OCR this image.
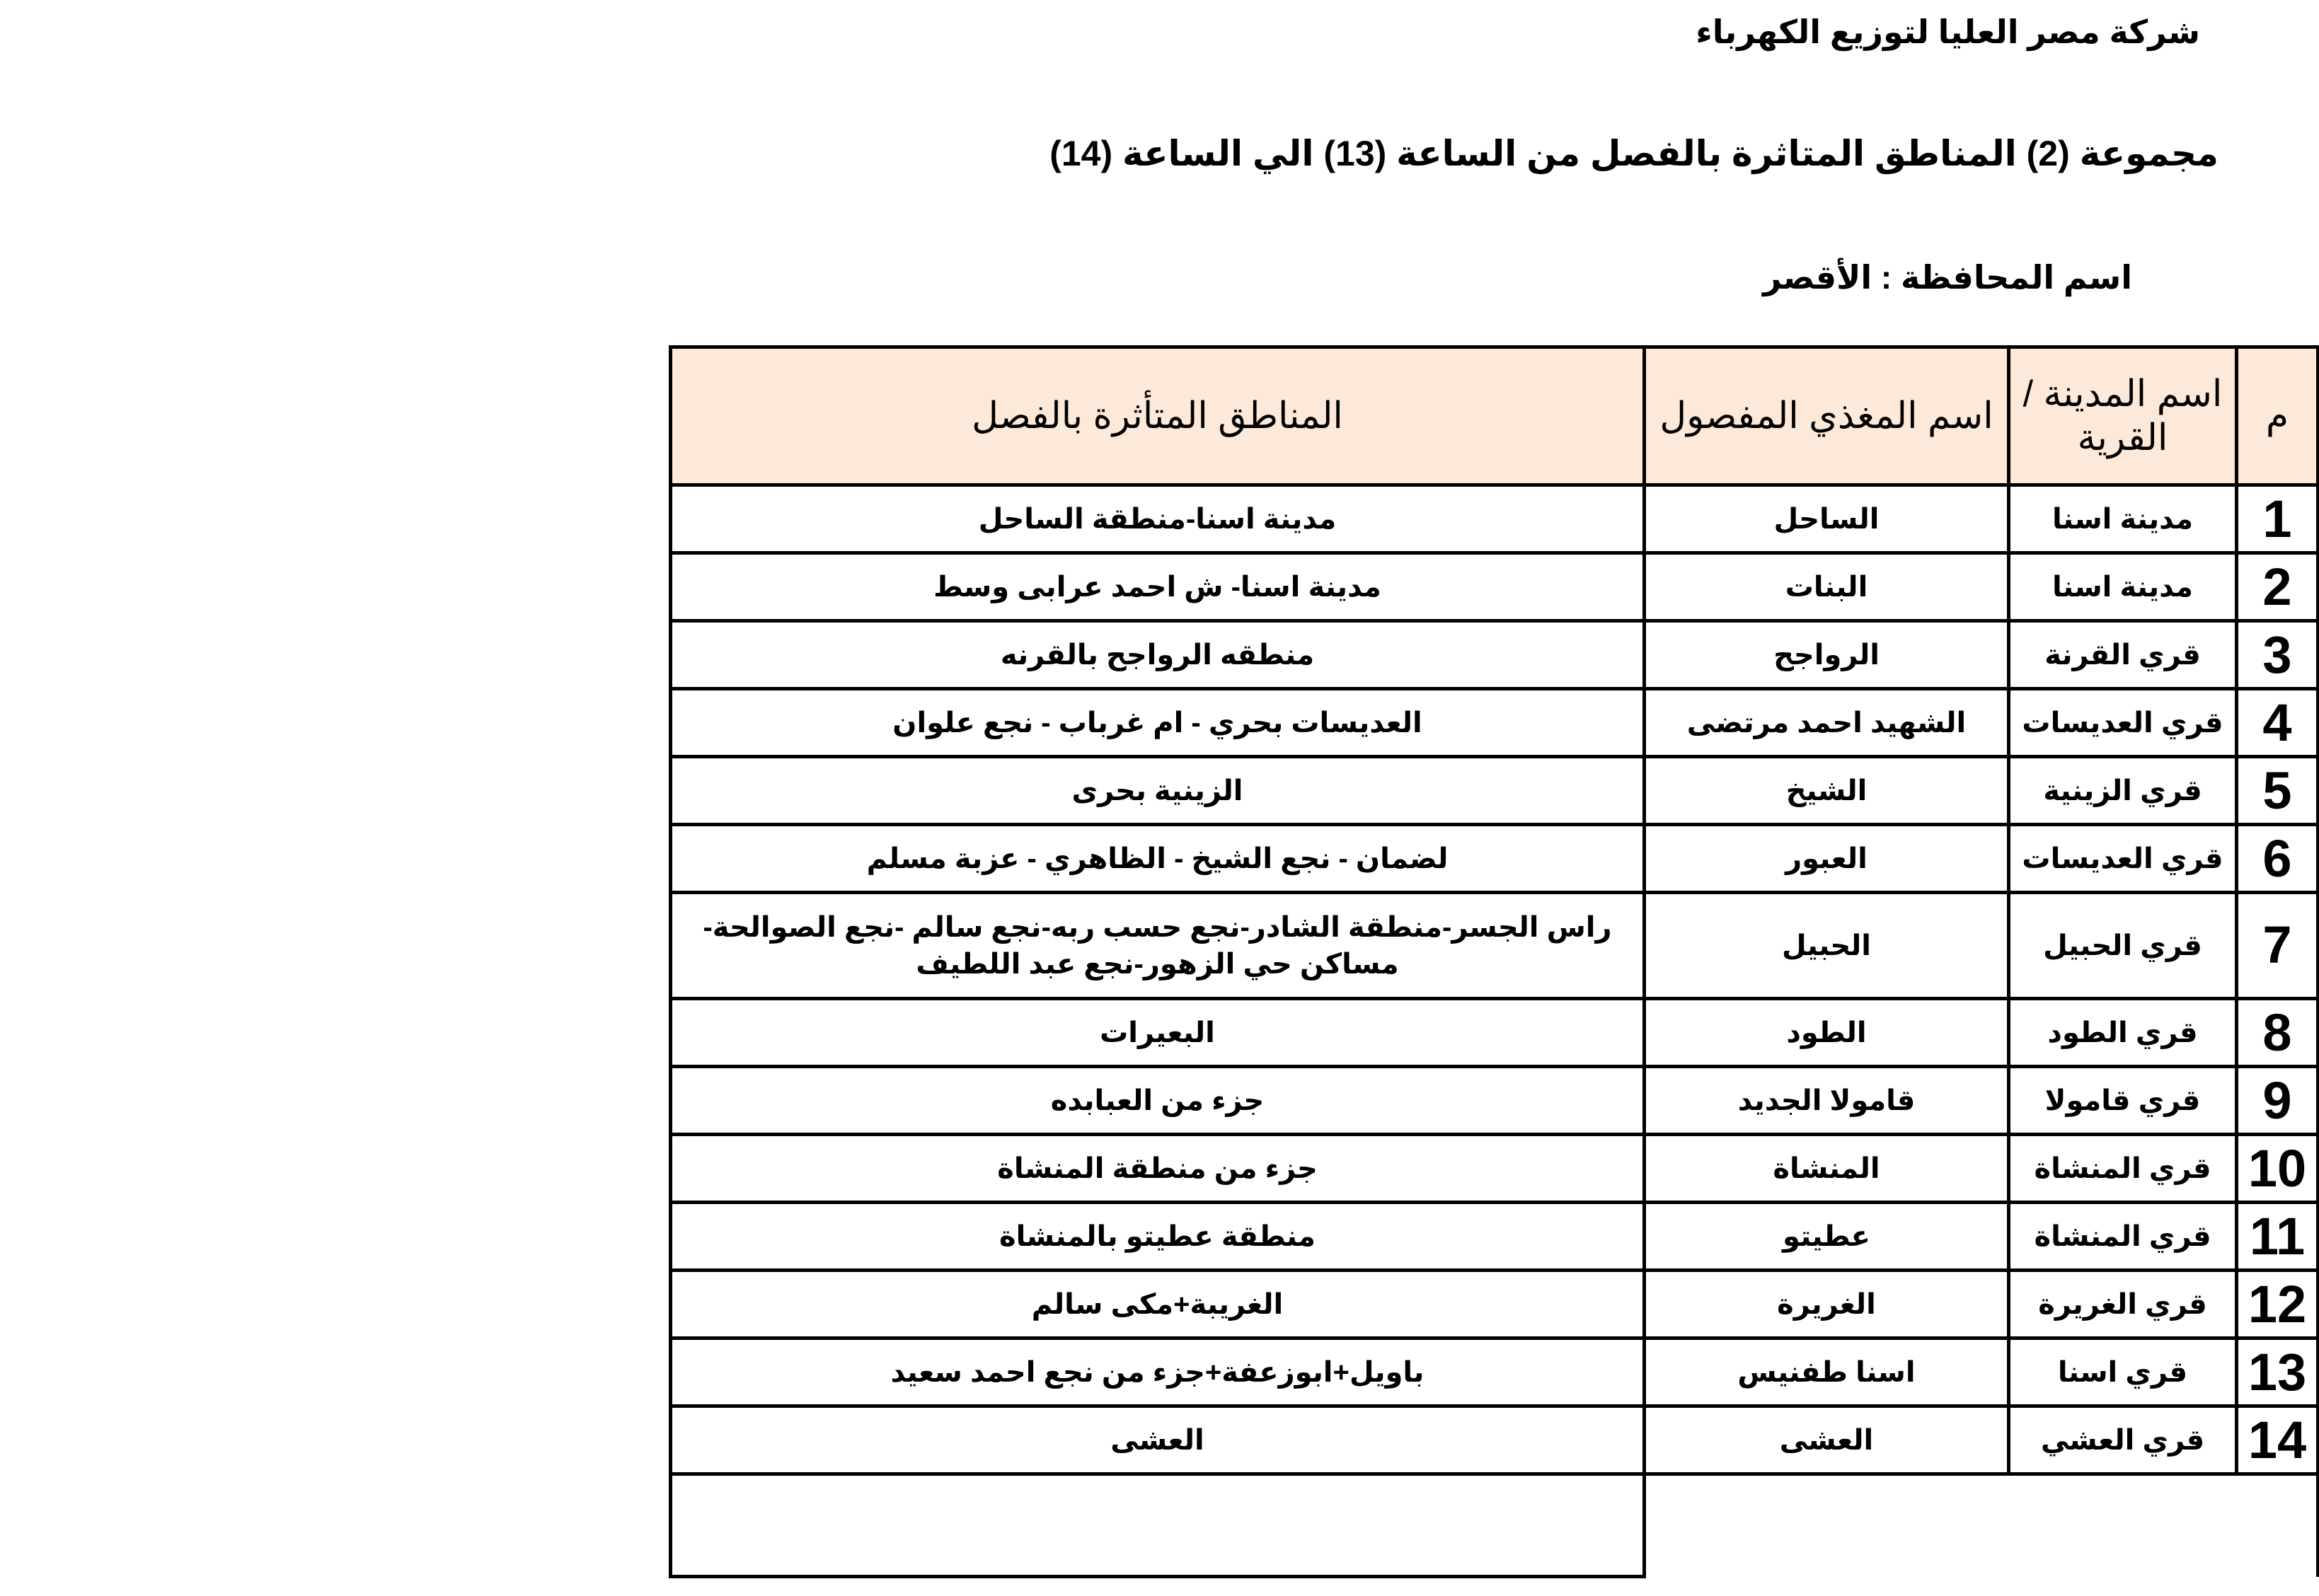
شركة مصر العليا لتوزيع الكهرباء
مجموعة (2) المناطق المتاثرة بالفصل من الساعة (13) الي الساعة (14)
اسم المحافظة : الأقصر
م	اسم المدينة / القرية	اسم المغذي المفصول	المناطق المتأثرة بالفصل
1	مدينة اسنا	الساحل	مدينة اسنا-منطقة الساحل
2	مدينة اسنا	البنات	مدينة اسنا- ش احمد عرابى وسط
3	قري القرنة	الرواجح	منطقه الرواجح بالقرنه
4	قري العديسات	الشهيد احمد مرتضى	العديسات بحري - ام غرباب - نجع علوان
5	قري الزينية	الشيخ	الزينية بحرى
6	قري العديسات	العبور	لضمان - نجع الشيخ - الظاهري - عزبة مسلم
7	قري الحبيل	الحبيل	راس الجسر-منطقة الشادر-نجع حسب ربه-نجع سالم -نجع الصوالحة-مساكن حي الزهور-نجع عبد اللطيف
8	قري الطود	الطود	البعيرات
9	قري قامولا	قامولا الجديد	جزء من العبابده
10	قري المنشاة	المنشاة	جزء من منطقة المنشاة
11	قري المنشاة	عطيتو	منطقة عطيتو بالمنشاة
12	قري الغريرة	الغريرة	الغريبة+مكى سالم
13	قري اسنا	اسنا طفنيس	باويل+ابوزعفة+جزء من نجع احمد سعيد
14	قري العشي	العشى	العشى
